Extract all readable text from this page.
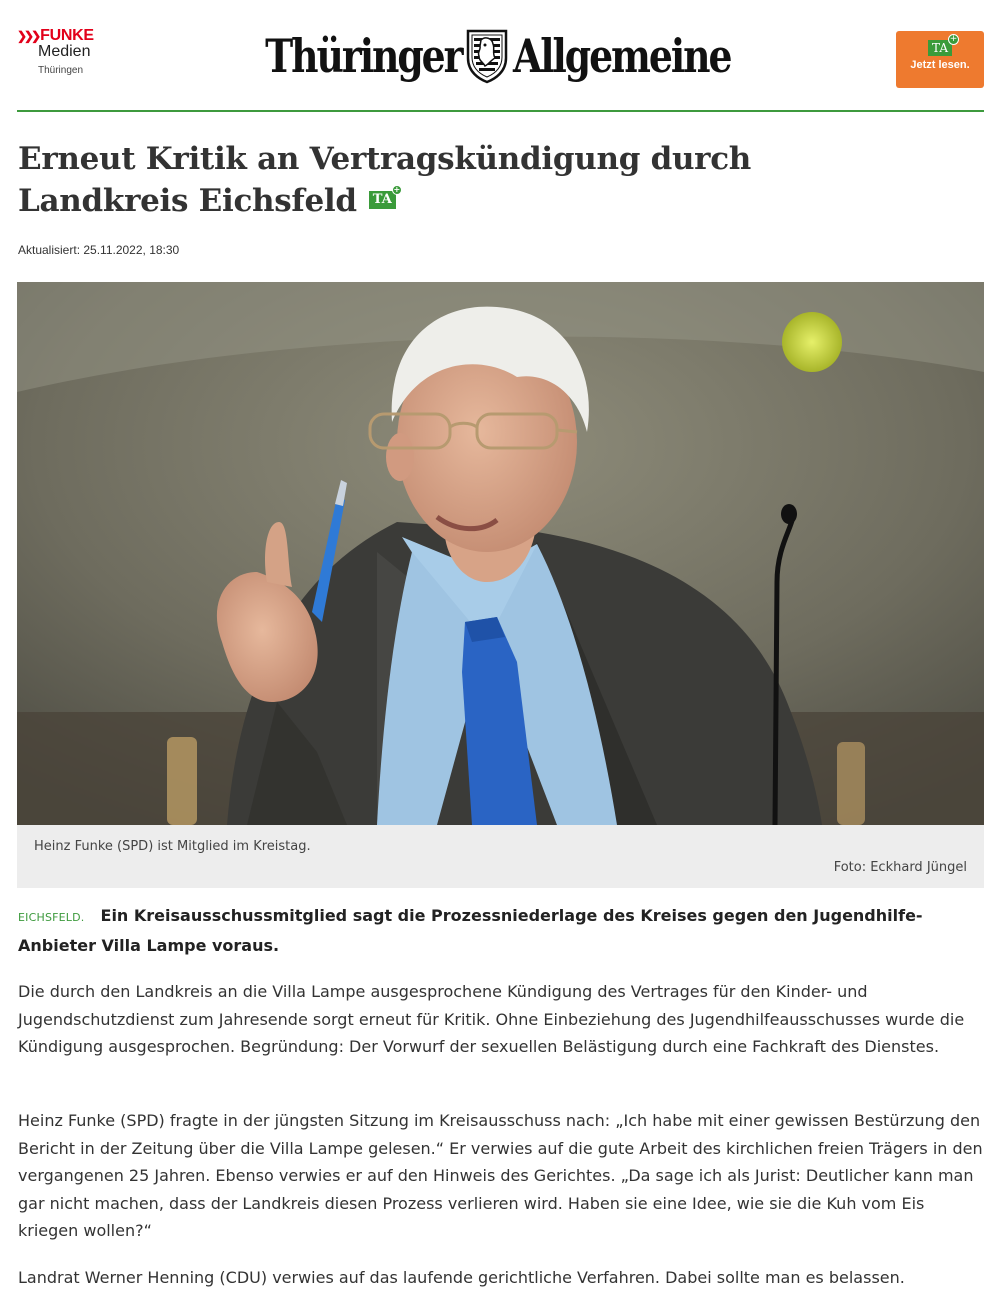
❯❯❯ FUNKE
Medien
Thüringen	Thüringer Allgemeine	TA
+
Jetzt lesen.
Erneut Kritik an Vertragskündigung durch Landkreis Eichsfeld TA
+
Aktualisiert: 25.11.2022, 18:30
Heinz Funke (SPD) ist Mitglied im Kreistag.
Foto: Eckhard Jüngel

EICHSFELD. Ein Kreisausschussmitglied sagt die Prozessniederlage des Kreises gegen den Jugendhilfe-Anbieter Villa Lampe voraus.

Die durch den Landkreis an die Villa Lampe ausgesprochene Kündigung des Vertrages für den Kinder- und Jugendschutzdienst zum Jahresende sorgt erneut für Kritik. Ohne Einbeziehung des Jugendhilfeausschusses wurde die Kündigung ausgesprochen. Begründung: Der Vorwurf der sexuellen Belästigung durch eine Fachkraft des Dienstes.

Heinz Funke (SPD) fragte in der jüngsten Sitzung im Kreisausschuss nach: „Ich habe mit einer gewissen Bestürzung den Bericht in der Zeitung über die Villa Lampe gelesen.“ Er verwies auf die gute Arbeit des kirchlichen freien Trägers in den vergangenen 25 Jahren. Ebenso verwies er auf den Hinweis des Gerichtes. „Da sage ich als Jurist: Deutlicher kann man gar nicht machen, dass der Landkreis diesen Prozess verlieren wird. Haben sie eine Idee, wie sie die Kuh vom Eis kriegen wollen?“

Landrat Werner Henning (CDU) verwies auf das laufende gerichtliche Verfahren. Dabei sollte man es belassen.
